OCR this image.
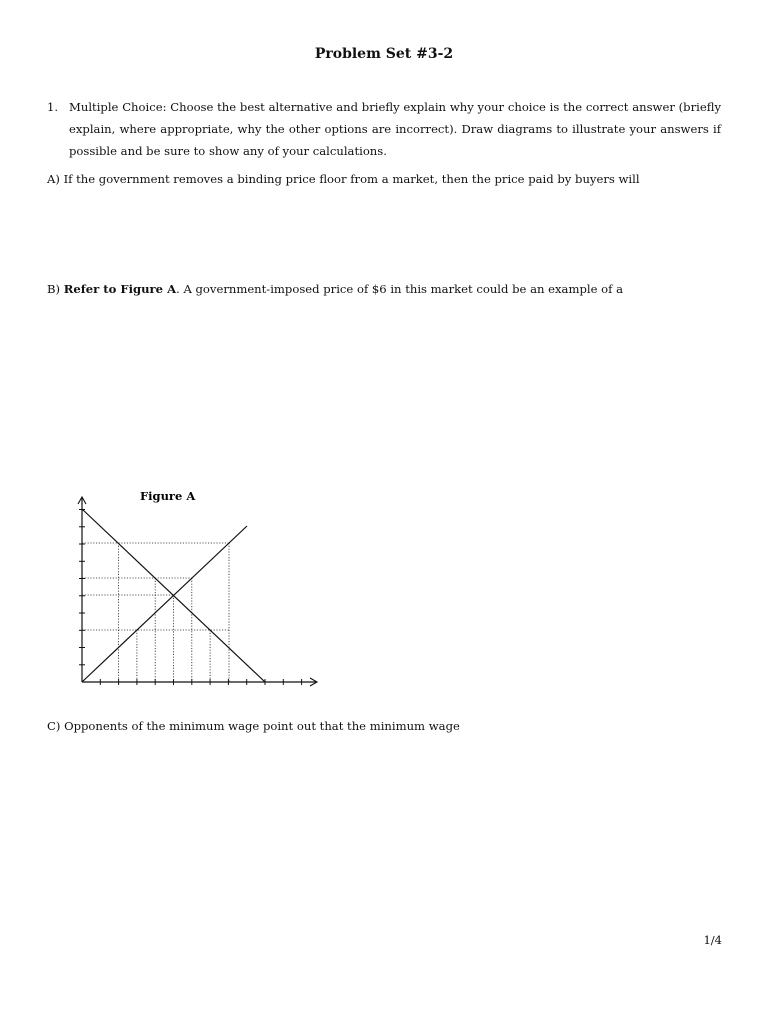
Problem Set #3-2
1. Multiple Choice: Choose the best alternative and briefly explain why your choice is the correct answer (briefly explain, where appropriate, why the other options are incorrect). Draw diagrams to illustrate your answers if possible and be sure to show any of your calculations.
A) If the government removes a binding price floor from a market, then the price paid by buyers will
B) Refer to Figure A. A government-imposed price of $6 in this market could be an example of a
Figure A
C) Opponents of the minimum wage point out that the minimum wage
1/4
